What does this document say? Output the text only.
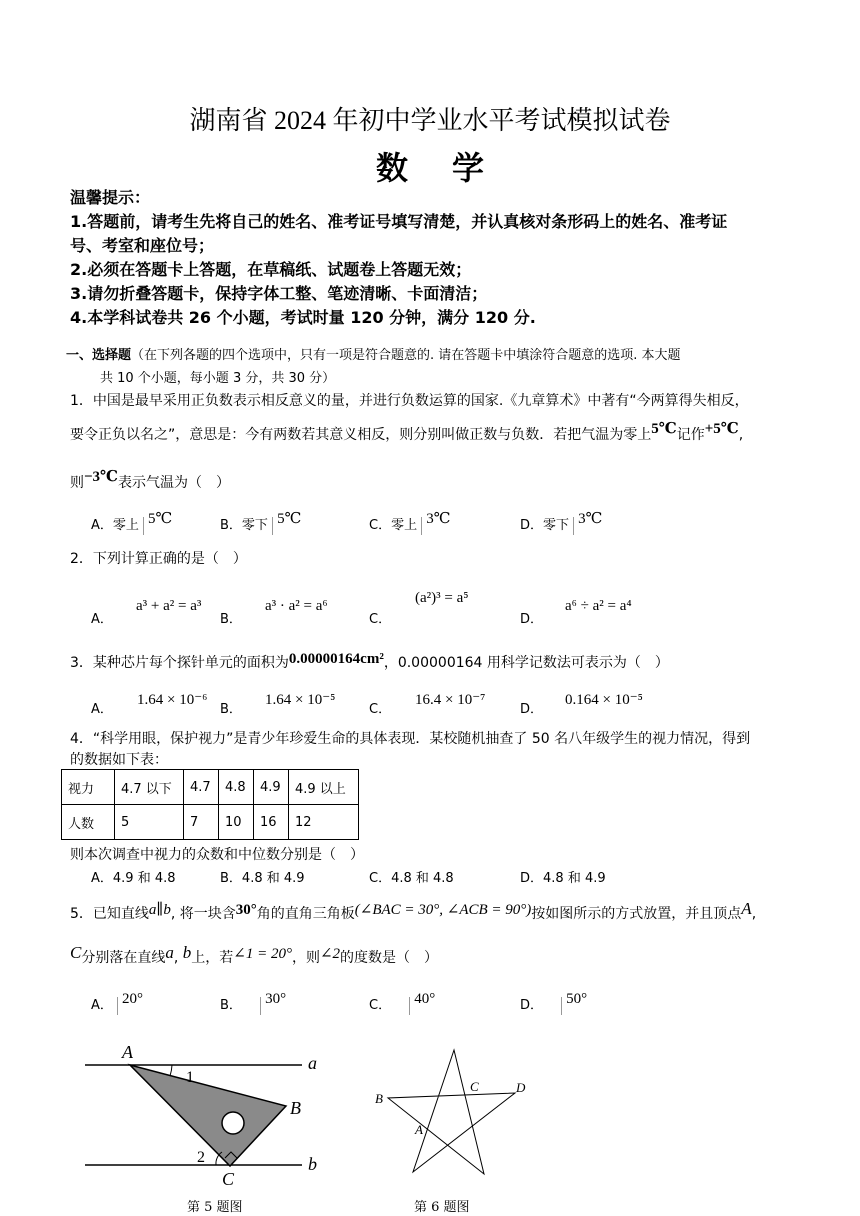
湖南省 2024 年初中学业水平考试模拟试卷
数学
温馨提示：
1.答题前，请考生先将自己的姓名、准考证号填写清楚，并认真核对条形码上的姓名、准考证
号、考室和座位号；
2.必须在答题卡上答题，在草稿纸、试题卷上答题无效；
3.请勿折叠答题卡，保持字体工整、笔迹清晰、卡面清洁；
4.本学科试卷共 26 个小题，考试时量 120 分钟，满分 120 分.
一、选择题（在下列各题的四个选项中，只有一项是符合题意的. 请在答题卡中填涂符合题意的选项. 本大题
共 10 个小题，每小题 3 分，共 30 分）
1．中国是最早采用正负数表示相反意义的量，并进行负数运算的国家.《九章算术》中著有“今两算得失相反，
要令正负以名之”，意思是：今有两数若其意义相反，则分别叫做正数与负数．若把气温为零上5℃记作+5℃,
则−3℃表示气温为（　）
A．零上 5℃	B．零下 5℃	C．零上 3℃	D．零下 3℃
2．下列计算正确的是（　）
A．
a³ + a² = a³
B．
a³ · a² = a⁶
C．
(a²)³ = a⁵
D．
a⁶ ÷ a² = a⁴
3．某种芯片每个探针单元的面积为0.00000164cm²，0.00000164 用科学记数法可表示为（　）
A．
1.64 × 10⁻⁶
B．
1.64 × 10⁻⁵
C．
16.4 × 10⁻⁷
D．
0.164 × 10⁻⁵
4．“科学用眼，保护视力”是青少年珍爱生命的具体表现．某校随机抽查了 50 名八年级学生的视力情况，得到
的数据如下表：
视力	4.7 以下	4.7	4.8	4.9	4.9 以上
人数	5	7	10	16	12
则本次调查中视力的众数和中位数分别是（　）
A．4.9 和 4.8	B．4.8 和 4.9	C．4.8 和 4.8	D．4.8 和 4.9
5．已知直线a∥b, 将一块含30°角的直角三角板(∠BAC = 30°, ∠ACB = 90°)按如图所示的方式放置，并且顶点A,
C分别落在直线a, b上，若∠1 = 20°，则∠2的度数是（　）
A． 20°	B． 30°	C． 40°	D． 50°
A
a
1
B
2
C
b
第 5 题图
B
C	D
A
第 6 题图
